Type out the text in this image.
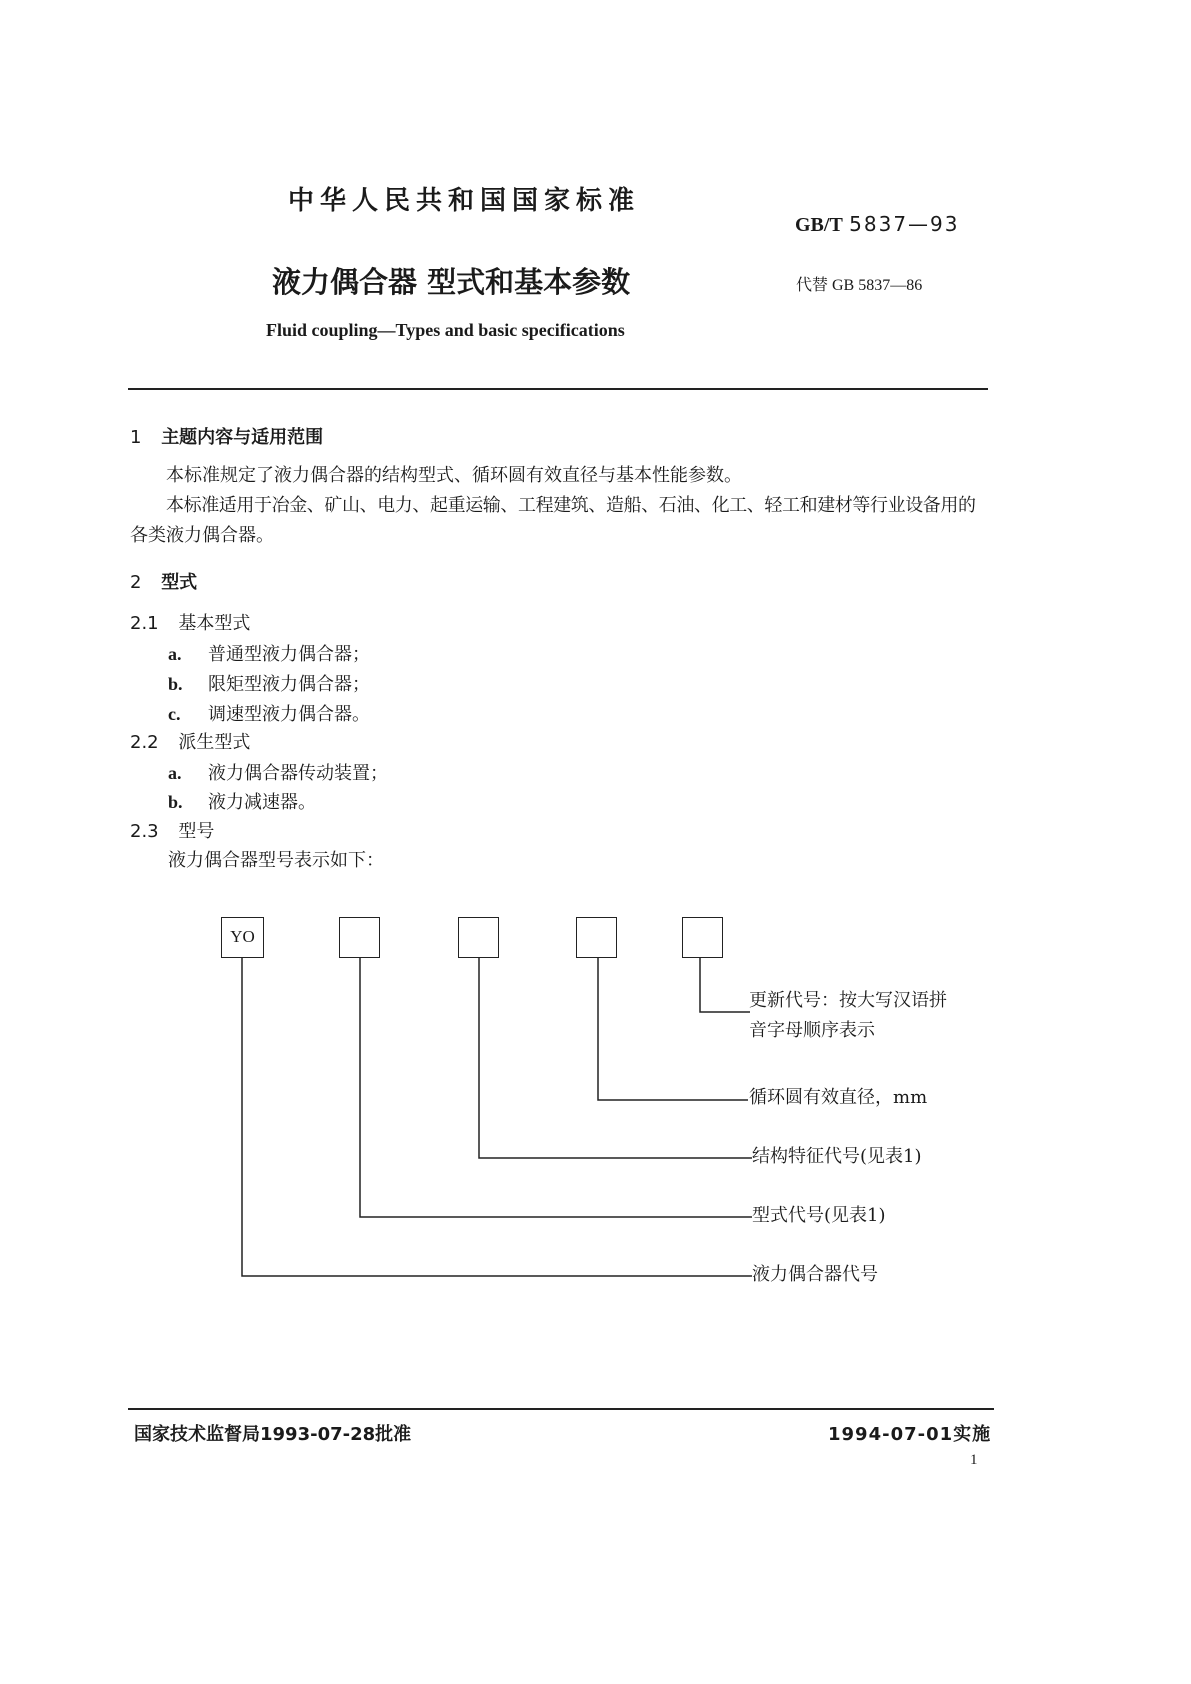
中华人民共和国国家标准
GB/T 5837—93
液力偶合器 型式和基本参数	代替 GB 5837—86
Fluid coupling—Types and basic specifications
1 主题内容与适用范围
本标准规定了液力偶合器的结构型式、循环圆有效直径与基本性能参数。
本标准适用于冶金、矿山、电力、起重运输、工程建筑、造船、石油、化工、轻工和建材等行业设备用的
各类液力偶合器。
2 型式
2.1 基本型式
a. 普通型液力偶合器；
b. 限矩型液力偶合器；
c. 调速型液力偶合器。
2.2 派生型式
a. 液力偶合器传动装置；
b. 液力减速器。
2.3 型号
液力偶合器型号表示如下：
YO
更新代号：按大写汉语拼
音字母顺序表示
循环圆有效直径，mm
结构特征代号(见表1)
型式代号(见表1)
液力偶合器代号
国家技术监督局1993-07-28批准	1994-07-01实施
1
